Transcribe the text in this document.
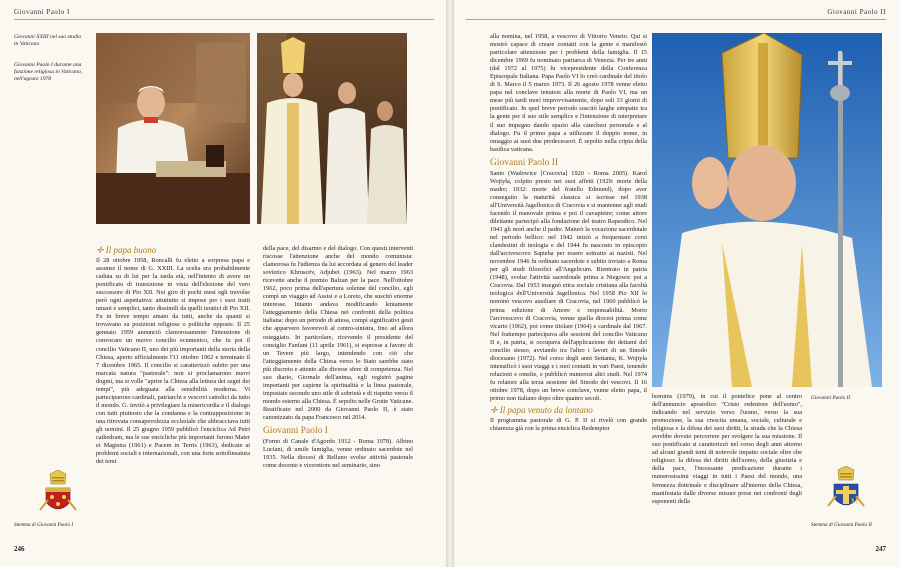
Giovanni Paolo I
Giovanni XXIII nel suo studio in Vaticano
Giovanni Paolo I durante una funzione religiosa in Vaticano, nell'agosto 1978
✛ Il papa buono

Il 28 ottobre 1958, Roncalli fu eletto a sorpresa papa e assunse il nome di G. XXIII. La scelta era probabilmente caduta su di lui per la tarda età, nell'intento di avere un pontificato di transizione in vista dell'elezione del vero successore di Pio XII. Nei giro di pochi mesi egli travolse però ogni aspettativa: attuitutto si impose per i suoi tratti umani e semplici, tanto dissimili da quelli ieratici di Pio XII. Fu in breve tempo amato da tutti, anche da quanti si trovavano su posizioni religiose o politiche opposte. Il 25 gennaio 1959 annunciò clamorosamente l'intenzione di convocare un nuovo concilio ecumenico, che fu poi il concilio Vaticano II, uno dei più importanti della storia della Chiesa, aperto ufficialmente l'11 ottobre 1962 e terminato il 7 dicembre 1965. Il concilio si caratterizzò subito per una marcata natura "pastorale": non si proclamarono nuovi dogmi, ma si volle "aprire la Chiesa alla lettura dei segni dei tempi", più adeguata alla sensibilità moderna. Vi parteciparono cardinali, patriarchi e vescovi cattolici da tutto il mondo. G. invitò a privilegiare la misericordia e il dialogo con tutti piuttosto che la condanna e la contrapposizione in una ritrovata consapevolezza ecclesiale che abbracciava tutti gli uomini. Il 25 giugno 1959 pubblicò l'enciclica Ad Petri cathedram, ma le sue encicliche più importanti furono Mater et Magistra (1961) e Pacem in Terris (1963), dedicate ai problemi sociali e internazionali, con una forte sottolineatura dei temi

della pace, del disarmo e del dialogo. Con questi interventi riscosse l'attenzione anche del mondo comunista: clamorosa fu l'udienza da lui accordata al genero del leader sovietico Khruscëv, Adjubei (1963). Nel marzo 1963 ricevette anche il premio Balzan per la pace. Nell'ottobre 1962, poco prima dell'apertura solenne del concilio, egli compì un viaggio ad Assisi e a Loreto, che suscitò enorme interesse. Intanto andava modificando lentamente l'atteggiamento della Chiesa nei confronti della politica italiana: dopo un periodo di attesa, compì significativi gesti che apparvero favorevoli al centro-sinistra, fino ad allora osteggiato. In particolare, ricevendo il presidente del consiglio Fanfani (11 aprile 1961), si espresse a favore di un Tevere più largo, intendendo con ciò che l'atteggiamento della Chiesa verso lo Stato sarebbe stato più discreto e attento alle diverse sfere di competenza. Nel suo diario, Giornale dell'anima, egli registrò pagine importanti per capirne la spiritualità e la linea pastorale, impostate secondo uno stile di sobrietà e di rispetto verso il mondo esterno alla Chiesa. È sepolto nelle Grotte Vaticane. Beatificato nel 2000 da Giovanni Paolo II, è stato canonizzato da papa Francesco nel 2014.

Giovanni Paolo I

(Forno di Canale d'Agordo 1912 - Roma 1978). Albino Luciani, di umile famiglia, venne ordinato sacerdote nel 1935. Nella diocesi di Belluno svolse attività pastorale come docente e vicerettore nel seminario, sino

Stemma di Giovanni Paolo I
246
Giovanni Paolo II

alla nomina, nel 1958, a vescovo di Vittorio Veneto. Qui si mostrò capace di creare contatti con la gente e manifestò particolare attenzione per i problemi della famiglia. Il 15 dicembre 1969 fu nominato patriarca di Venezia. Per tre anni (dal 1972 al 1975) fu vicepresidente della Conferenza Episcopale Italiana. Papa Paolo VI lo creò cardinale del titolo di S. Marco il 5 marzo 1973. Il 26 agosto 1978 venne eletto papa nel conclave tenutosi alla morte di Paolo VI, ma un mese più tardi morì improvvisamente, dopo soli 33 giorni di pontificato. In quel breve periodo suscitò larghe simpatie tra la gente per il suo stile semplice e l'intenzione di interpretare il suo impegno dando spazio alla catechesi personale e al dialogo. Fu il primo papa a utilizzare il doppio nome, in omaggio ai suoi due predecessori. È sepolto nella cripta della basilica vaticana.

Giovanni Paolo II

Santo (Wadowice [Cracovia] 1920 - Roma 2005). Karol Wojtyła, colpito presto nei suoi affetti (1929: morte della madre; 1932: morte del fratello Edmund), dopo aver conseguito la maturità classica si iscrisse nel 1938 all'Università Jagellonica di Cracovia e si mantenne agli studi facendo il manovale prima e poi il cavapietre; come attore dilettante partecipò alla fondazione del teatro Rapsodico. Nel 1941 gli morì anche il padre. Maturò la vocazione sacerdotale nel periodo bellico: nel 1942 iniziò a frequentare corsi clandestini di teologia e del 1944 fu nascosto in episcopio dall'arcivescovo Sapieha per essere sottratto ai nazisti. Nel novembre 1946 fu ordinato sacerdote e subito inviato a Roma per gli studi filosofici all'Angelicum. Rientrato in patria (1948), svolse l'attività sacerdotale prima a Niegowic poi a Cracovia. Dal 1953 insegnò etica sociale cristiana alla facoltà teologica dell'Università Jagellonica. Nel 1958 Pio XII lo nominò vescovo ausiliare di Cracovia, nel 1960 pubblicò la prima edizione di Amore e responsabilità. Morto l'arcivescovo di Cracovia, venne quella diocesi prima come vicario (1962), poi come titolare (1964) e cardinale dal 1967. Nel frattempo partecipava alle sessioni del concilio Vaticano II e, in patria, si occupava dell'applicazione dei dettami del concilio stesso, avviando tra l'altro i lavori di un Sinodo diocesano (1972). Nel corso degli anni Settanta, K. Wojtyła intensificò i suoi viaggi e i suoi contatti in vari Paesi, tenendo relazioni e omelie, e pubblicò numerosi altri studi. Nel 1974 fu relatore alla terza sessione del Sinodo dei vescovi. Il 16 ottobre 1978, dopo un breve conclave, venne eletto papa, il primo non italiano dopo oltre quattro secoli.

✛ Il papa venuto da lontano

Il programma pastorale di G. P. II si rivelò con grande chiarezza già con la prima enciclica Redemptor

Giovanni Paolo II

hominis (1979), in cui il pontefice pone al centro dell'annuncio apostolico "Cristo redentore dell'uomo", indicando nel servizio verso l'uomo, verso la sua promozione, la sua crescita umana, sociale, culturale e religiosa e la difesa dei suoi diritti, la strada che la Chiesa avrebbe dovuto percorrere per svolgere la sua missione. Il suo pontificato si caratterizzò nel corso degli anni attorno ad alcuni grandi temi di notevole impatto sociale oltre che religioso: la difesa dei diritti dell'uomo, della giustizia e della pace, l'incessante predicazione durante i numerosissimi viaggi in tutti i Paesi del mondo, una fermezza dottrinale e disciplinare all'interno della Chiesa, manifestata dalle diverse misure prese nei confronti degli esponenti della	M
Stemma di Giovanni Paolo II
247
